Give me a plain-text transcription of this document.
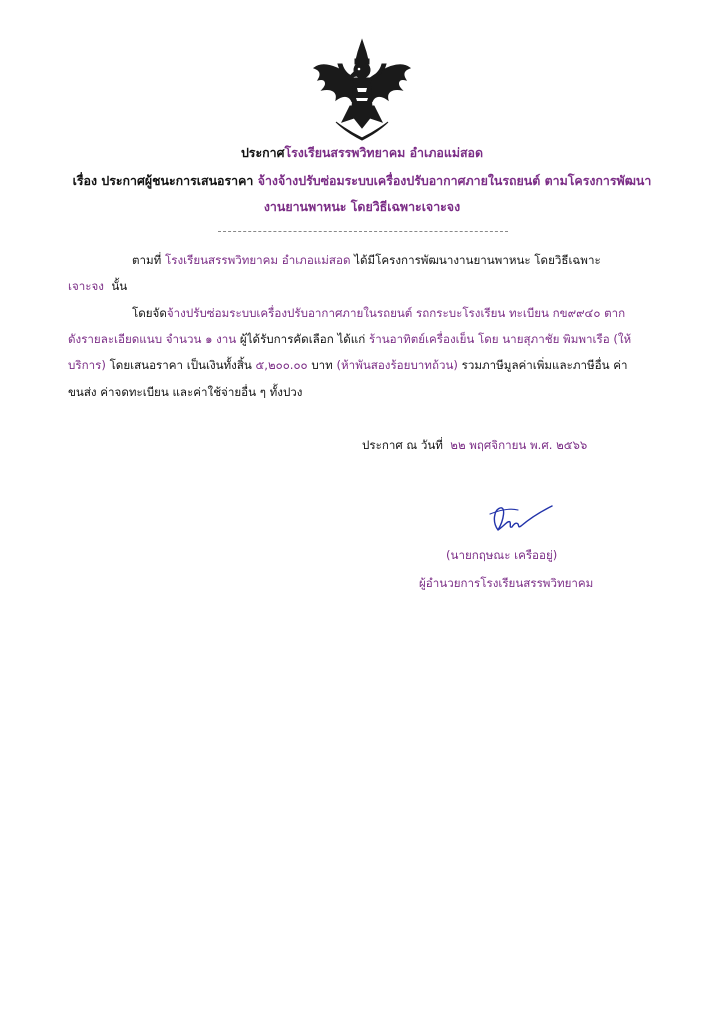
ประกาศโรงเรียนสรรพวิทยาคม อำเภอแม่สอด
เรื่อง ประกาศผู้ชนะการเสนอราคา จ้างจ้างปรับซ่อมระบบเครื่องปรับอากาศภายในรถยนต์ ตามโครงการพัฒนา
งานยานพาหนะ โดยวิธีเฉพาะเจาะจง
ตามที่ โรงเรียนสรรพวิทยาคม อำเภอแม่สอด ได้มีโครงการพัฒนางานยานพาหนะ โดยวิธีเฉพาะ
เจาะจง นั้น
โดยจัดจ้างปรับซ่อมระบบเครื่องปรับอากาศภายในรถยนต์ รถกระบะโรงเรียน ทะเบียน กข๙๙๔๐ ตาก
ดังรายละเอียดแนบ จำนวน ๑ งาน ผู้ได้รับการคัดเลือก ได้แก่ ร้านอาทิตย์เครื่องเย็น โดย นายสุภาชัย พิมพาเรือ (ให้
บริการ) โดยเสนอราคา เป็นเงินทั้งสิ้น ๕,๒๐๐.๐๐ บาท (ห้าพันสองร้อยบาทถ้วน) รวมภาษีมูลค่าเพิ่มและภาษีอื่น ค่า
ขนส่ง ค่าจดทะเบียน และค่าใช้จ่ายอื่น ๆ ทั้งปวง
ประกาศ ณ วันที่ ๒๒ พฤศจิกายน พ.ศ. ๒๕๖๖
(นายกฤษณะ เครืออยู่)
ผู้อำนวยการโรงเรียนสรรพวิทยาคม
